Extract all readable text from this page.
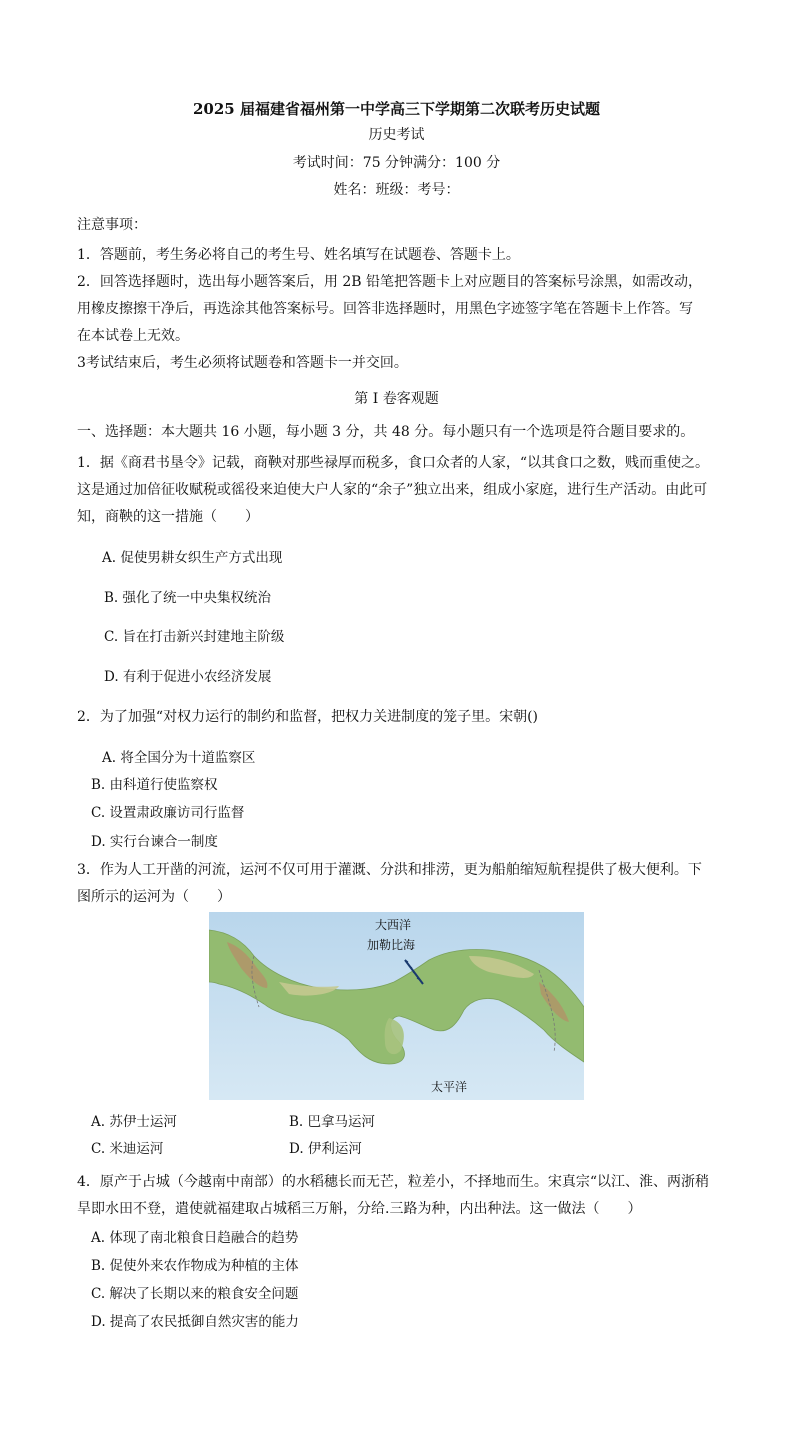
2025 届福建省福州第一中学高三下学期第二次联考历史试题
历史考试
考试时间：75 分钟满分：100 分
姓名：班级：考号：
注意事项：
1．答题前，考生务必将自己的考生号、姓名填写在试题卷、答题卡上。
2．回答选择题时，选出每小题答案后，用 2B 铅笔把答题卡上对应题目的答案标号涂黑，如需改动，
用橡皮擦擦干净后，再选涂其他答案标号。回答非选择题时，用黑色字迹签字笔在答题卡上作答。写
在本试卷上无效。
3考试结束后，考生必须将试题卷和答题卡一并交回。
第 I 卷客观题
一、选择题：本大题共 16 小题，每小题 3 分，共 48 分。每小题只有一个选项是符合题目要求的。
1．据《商君书垦令》记载，商鞅对那些禄厚而税多，食口众者的人家，“以其食口之数，贱而重使之。
这是通过加倍征收赋税或徭役来迫使大户人家的“余子”独立出来，组成小家庭，进行生产活动。由此可
知，商鞅的这一措施（　　）
A. 促使男耕女织生产方式出现
B. 强化了统一中央集权统治
C. 旨在打击新兴封建地主阶级
D. 有利于促进小农经济发展
2．为了加强“对权力运行的制约和监督，把权力关进制度的笼子里。宋朝()
A. 将全国分为十道监察区
B. 由科道行使监察权
C. 设置肃政廉访司行监督
D. 实行台谏合一制度
3．作为人工开凿的河流，运河不仅可用于灌溉、分洪和排涝，更为船舶缩短航程提供了极大便利。下
图所示的运河为（　　）
大西洋
加勒比海
太平洋
A. 苏伊士运河	B. 巴拿马运河
C. 米迪运河	D. 伊利运河
4．原产于占城（今越南中南部）的水稻穗长而无芒，粒差小，不择地而生。宋真宗“以江、淮、两浙稍
旱即水田不登，遣使就福建取占城稻三万斛，分给.三路为种，内出种法。这一做法（　　）
A. 体现了南北粮食日趋融合的趋势
B. 促使外来农作物成为种植的主体
C. 解决了长期以来的粮食安全问题
D. 提高了农民抵御自然灾害的能力
